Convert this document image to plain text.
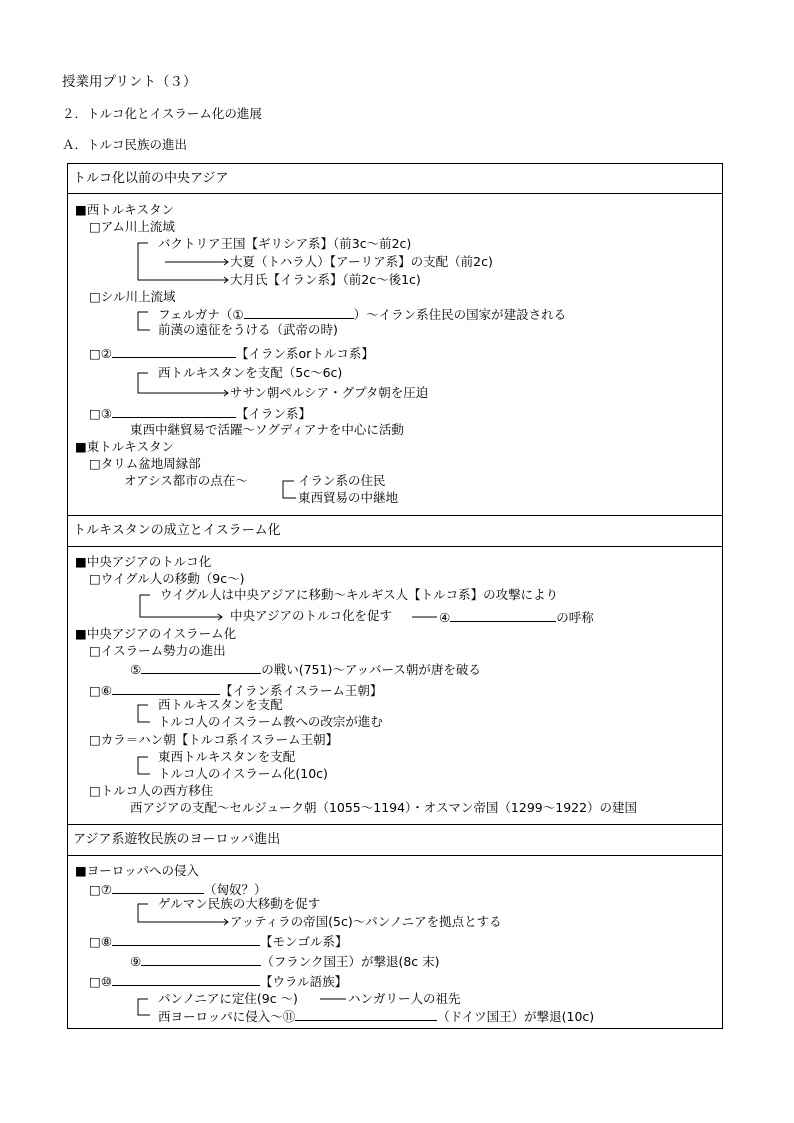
授業用プリント（３）
２．トルコ化とイスラーム化の進展
Ａ．トルコ民族の進出
トルコ化以前の中央アジア
■西トルキスタン
□アム川上流域
バクトリア王国【ギリシア系】（前3c～前2c)
大夏（トハラ人）【アーリア系】の支配（前2c)
大月氏【イラン系】（前2c～後1c)
□シル川上流域
フェルガナ（①	）～イラン系住民の国家が建設される
前漢の遠征をうける（武帝の時)
□②	【イラン系orトルコ系】
西トルキスタンを支配（5c～6c)
ササン朝ペルシア・グプタ朝を圧迫
□③	【イラン系】
東西中継貿易で活躍～ソグディアナを中心に活動
■東トルキスタン
□タリム盆地周縁部
オアシス都市の点在～	イラン系の住民
東西貿易の中継地
トルキスタンの成立とイスラーム化
■中央アジアのトルコ化
□ウイグル人の移動（9c～)
ウイグル人は中央アジアに移動～キルギス人【トルコ系】の攻撃により
中央アジアのトルコ化を促す	④	の呼称
■中央アジアのイスラーム化
□イスラーム勢力の進出
⑤	の戦い(751)～アッバース朝が唐を破る
□⑥	【イラン系イスラーム王朝】
西トルキスタンを支配
トルコ人のイスラーム教への改宗が進む
□カラ＝ハン朝【トルコ系イスラーム王朝】
東西トルキスタンを支配
トルコ人のイスラーム化(10c)
□トルコ人の西方移住
西アジアの支配～セルジューク朝（1055～1194）・オスマン帝国（1299～1922）の建国
アジア系遊牧民族のヨーロッパ進出
■ヨーロッパへの侵入
□⑦	（匈奴？）
ゲルマン民族の大移動を促す
アッティラの帝国(5c)～パンノニアを拠点とする
□⑧	【モンゴル系】
⑨	（フランク国王）が撃退(8c 末)
□⑩	【ウラル語族】
パンノニアに定住(9c ～)	ハンガリー人の祖先
西ヨーロッパに侵入～⑪	（ドイツ国王）が撃退(10c)
